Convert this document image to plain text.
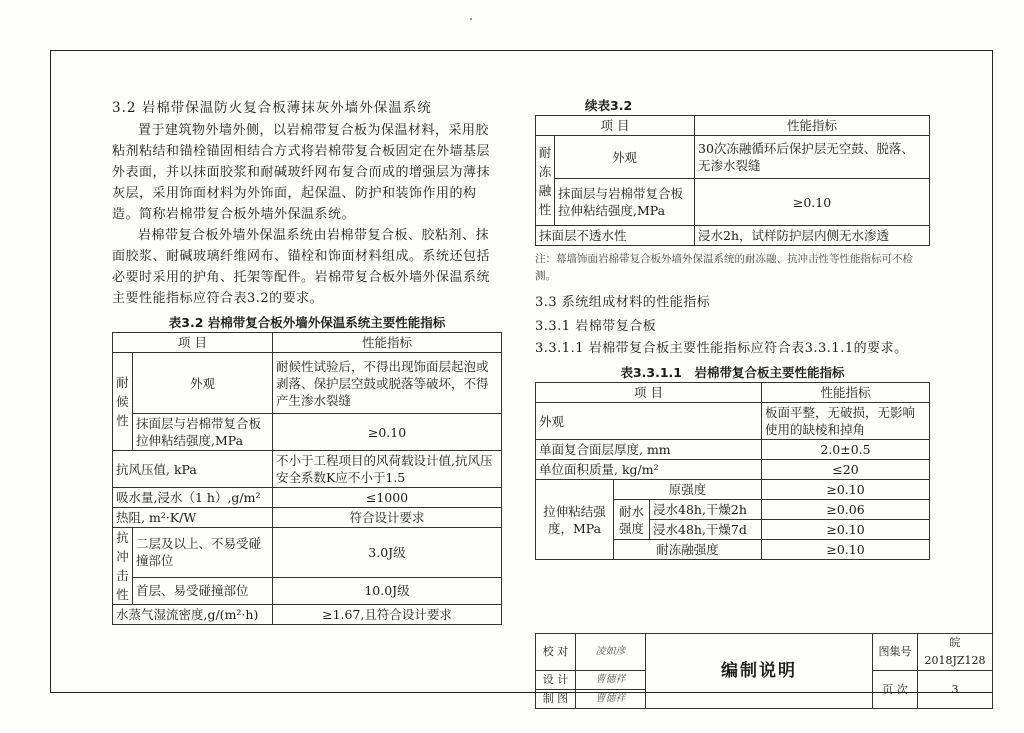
3.2 岩棉带保温防火复合板薄抹灰外墙外保温系统

置于建筑物外墙外侧，以岩棉带复合板为保温材料，采用胶粘剂粘结和锚栓锚固相结合方式将岩棉带复合板固定在外墙基层外表面，并以抹面胶浆和耐碱玻纤网布复合而成的增强层为薄抹灰层，采用饰面材料为外饰面，起保温、防护和装饰作用的构造。简称岩棉带复合板外墙外保温系统。

岩棉带复合板外墙外保温系统由岩棉带复合板、胶粘剂、抹面胶浆、耐碱玻璃纤维网布、锚栓和饰面材料组成。系统还包括必要时采用的护角、托架等配件。岩棉带复合板外墙外保温系统主要性能指标应符合表3.2的要求。

表3.2 岩棉带复合板外墙外保温系统主要性能指标
项 目		性能指标
耐候性	外观	耐候性试验后，不得出现饰面层起泡或剥落、保护层空鼓或脱落等破坏，不得产生渗水裂缝
	抹面层与岩棉带复合板拉伸粘结强度,MPa	≥0.10
抗风压值, kPa		不小于工程项目的风荷载设计值,抗风压安全系数K应不小于1.5
吸水量,浸水（1 h）,g/m²		≤1000
热阻, m²·K/W		符合设计要求
抗冲击性	二层及以上、不易受碰撞部位	3.0J级
	首层、易受碰撞部位	10.0J级
水蒸气湿流密度,g/(m²·h)		≥1.67,且符合设计要求
续表3.2
项 目		性能指标
耐冻融性	外观	30次冻融循环后保护层无空鼓、脱落、无渗水裂缝
	抹面层与岩棉带复合板拉伸粘结强度,MPa	≥0.10
抹面层不透水性		浸水2h，试样防护层内侧无水渗透

注：幕墙饰面岩棉带复合板外墙外保温系统的耐冻融、抗冲击性等性能指标可不检测。

3.3 系统组成材料的性能指标

3.3.1 岩棉带复合板

3.3.1.1 岩棉带复合板主要性能指标应符合表3.3.1.1的要求。

表3.3.1.1　岩棉带复合板主要性能指标
项 目			性能指标
外观			板面平整，无破损，无影响使用的缺棱和掉角
单面复合面层厚度, mm			2.0±0.5
单位面积质量, kg/m²			≤20
拉伸粘结强度，MPa	原强度		≥0.10
	耐水强度	浸水48h,干燥2h	≥0.06
		浸水48h,干燥7d	≥0.10
	耐冻融强度		≥0.10
校 对	凌如彦	编制说明	图集号	皖2018JZ128
设 计	曹德祥		页 次	3
制 图	曹德祥			
